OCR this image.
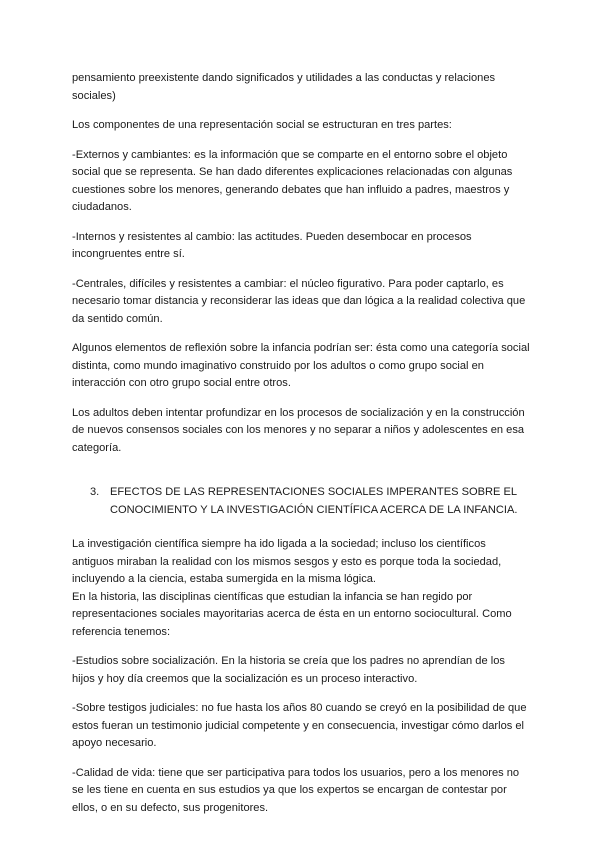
pensamiento preexistente dando significados y utilidades a las conductas y relaciones sociales)

Los componentes de una representación social se estructuran en tres partes:

-Externos y cambiantes: es la información que se comparte en el entorno sobre el objeto social que se representa. Se han dado diferentes explicaciones relacionadas con algunas cuestiones sobre los menores, generando debates que han influido a padres, maestros y ciudadanos.

-Internos y resistentes al cambio: las actitudes. Pueden desembocar en procesos incongruentes entre sí.

-Centrales, difíciles y resistentes a cambiar: el núcleo figurativo. Para poder captarlo, es necesario tomar distancia y reconsiderar las ideas que dan lógica a la realidad colectiva que da sentido común.

Algunos elementos de reflexión sobre la infancia podrían ser: ésta como una categoría social distinta, como mundo imaginativo construido por los adultos o como grupo social en interacción con otro grupo social entre otros.

Los adultos deben intentar profundizar en los procesos de socialización y en la construcción de nuevos consensos sociales con los menores y no separar a niños y adolescentes en esa categoría.

3. EFECTOS DE LAS REPRESENTACIONES SOCIALES IMPERANTES SOBRE EL CONOCIMIENTO Y LA INVESTIGACIÓN CIENTÍFICA ACERCA DE LA INFANCIA.

La investigación científica siempre ha ido ligada a la sociedad; incluso los científicos antiguos miraban la realidad con los mismos sesgos y esto es porque toda la sociedad, incluyendo a la ciencia, estaba sumergida en la misma lógica.

En la historia, las disciplinas científicas que estudian la infancia se han regido por representaciones sociales mayoritarias acerca de ésta en un entorno sociocultural. Como referencia tenemos:

-Estudios sobre socialización. En la historia se creía que los padres no aprendían de los hijos y hoy día creemos que la socialización es un proceso interactivo.

-Sobre testigos judiciales: no fue hasta los años 80 cuando se creyó en la posibilidad de que estos fueran un testimonio judicial competente y en consecuencia, investigar cómo darlos el apoyo necesario.

-Calidad de vida: tiene que ser participativa para todos los usuarios, pero a los menores no se les tiene en cuenta en sus estudios ya que los expertos se encargan de contestar por ellos, o en su defecto, sus progenitores.
